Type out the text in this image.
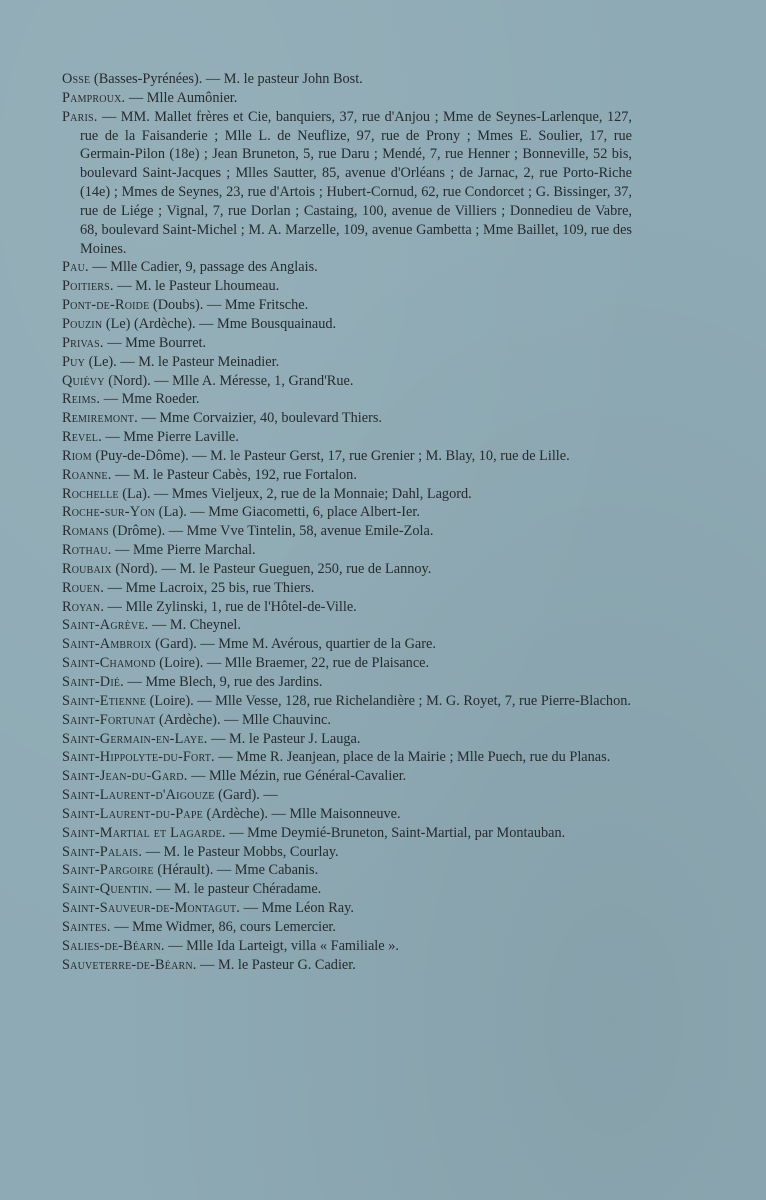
Osse (Basses-Pyrénées). — M. le pasteur John Bost.
Pamproux. — Mlle Aumônier.
Paris. — MM. Mallet frères et Cie, banquiers, 37, rue d'Anjou ; Mme de Seynes-Larlenque, 127, rue de la Faisanderie ; Mlle L. de Neuflize, 97, rue de Prony ; Mmes E. Soulier, 17, rue Germain-Pilon (18e) ; Jean Bruneton, 5, rue Daru ; Mendé, 7, rue Henner ; Bonneville, 52 bis, boulevard Saint-Jacques ; Mlles Sautter, 85, avenue d'Orléans ; de Jarnac, 2, rue Porto-Riche (14e) ; Mmes de Seynes, 23, rue d'Artois ; Hubert-Cornud, 62, rue Condorcet ; G. Bissinger, 37, rue de Liége ; Vignal, 7, rue Dorlan ; Castaing, 100, avenue de Villiers ; Donnedieu de Vabre, 68, boulevard Saint-Michel ; M. A. Marzelle, 109, avenue Gambetta ; Mme Baillet, 109, rue des Moines.
Pau. — Mlle Cadier, 9, passage des Anglais.
Poitiers. — M. le Pasteur Lhoumeau.
Pont-de-Roide (Doubs). — Mme Fritsche.
Pouzin (Le) (Ardèche). — Mme Bousquainaud.
Privas. — Mme Bourret.
Puy (Le). — M. le Pasteur Meinadier.
Quiévy (Nord). — Mlle A. Méresse, 1, Grand'Rue.
Reims. — Mme Roeder.
Remiremont. — Mme Corvaizier, 40, boulevard Thiers.
Revel. — Mme Pierre Laville.
Riom (Puy-de-Dôme). — M. le Pasteur Gerst, 17, rue Grenier ; M. Blay, 10, rue de Lille.
Roanne. — M. le Pasteur Cabès, 192, rue Fortalon.
Rochelle (La). — Mmes Vieljeux, 2, rue de la Monnaie; Dahl, Lagord.
Roche-sur-Yon (La). — Mme Giacometti, 6, place Albert-Ier.
Romans (Drôme). — Mme Vve Tintelin, 58, avenue Emile-Zola.
Rothau. — Mme Pierre Marchal.
Roubaix (Nord). — M. le Pasteur Gueguen, 250, rue de Lannoy.
Rouen. — Mme Lacroix, 25 bis, rue Thiers.
Royan. — Mlle Zylinski, 1, rue de l'Hôtel-de-Ville.
Saint-Agrève. — M. Cheynel.
Saint-Ambroix (Gard). — Mme M. Avérous, quartier de la Gare.
Saint-Chamond (Loire). — Mlle Braemer, 22, rue de Plaisance.
Saint-Dié. — Mme Blech, 9, rue des Jardins.
Saint-Etienne (Loire). — Mlle Vesse, 128, rue Richelandière ; M. G. Royet, 7, rue Pierre-Blachon.
Saint-Fortunat (Ardèche). — Mlle Chauvinc.
Saint-Germain-en-Laye. — M. le Pasteur J. Lauga.
Saint-Hippolyte-du-Fort. — Mme R. Jeanjean, place de la Mairie ; Mlle Puech, rue du Planas.
Saint-Jean-du-Gard. — Mlle Mézin, rue Général-Cavalier.
Saint-Laurent-d'Aigouze (Gard). —
Saint-Laurent-du-Pape (Ardèche). — Mlle Maisonneuve.
Saint-Martial et Lagarde. — Mme Deymié-Bruneton, Saint-Martial, par Montauban.
Saint-Palais. — M. le Pasteur Mobbs, Courlay.
Saint-Pargoire (Hérault). — Mme Cabanis.
Saint-Quentin. — M. le pasteur Chéradame.
Saint-Sauveur-de-Montagut. — Mme Léon Ray.
Saintes. — Mme Widmer, 86, cours Lemercier.
Salies-de-Béarn. — Mlle Ida Larteigt, villa « Familiale ».
Sauveterre-de-Béarn. — M. le Pasteur G. Cadier.
